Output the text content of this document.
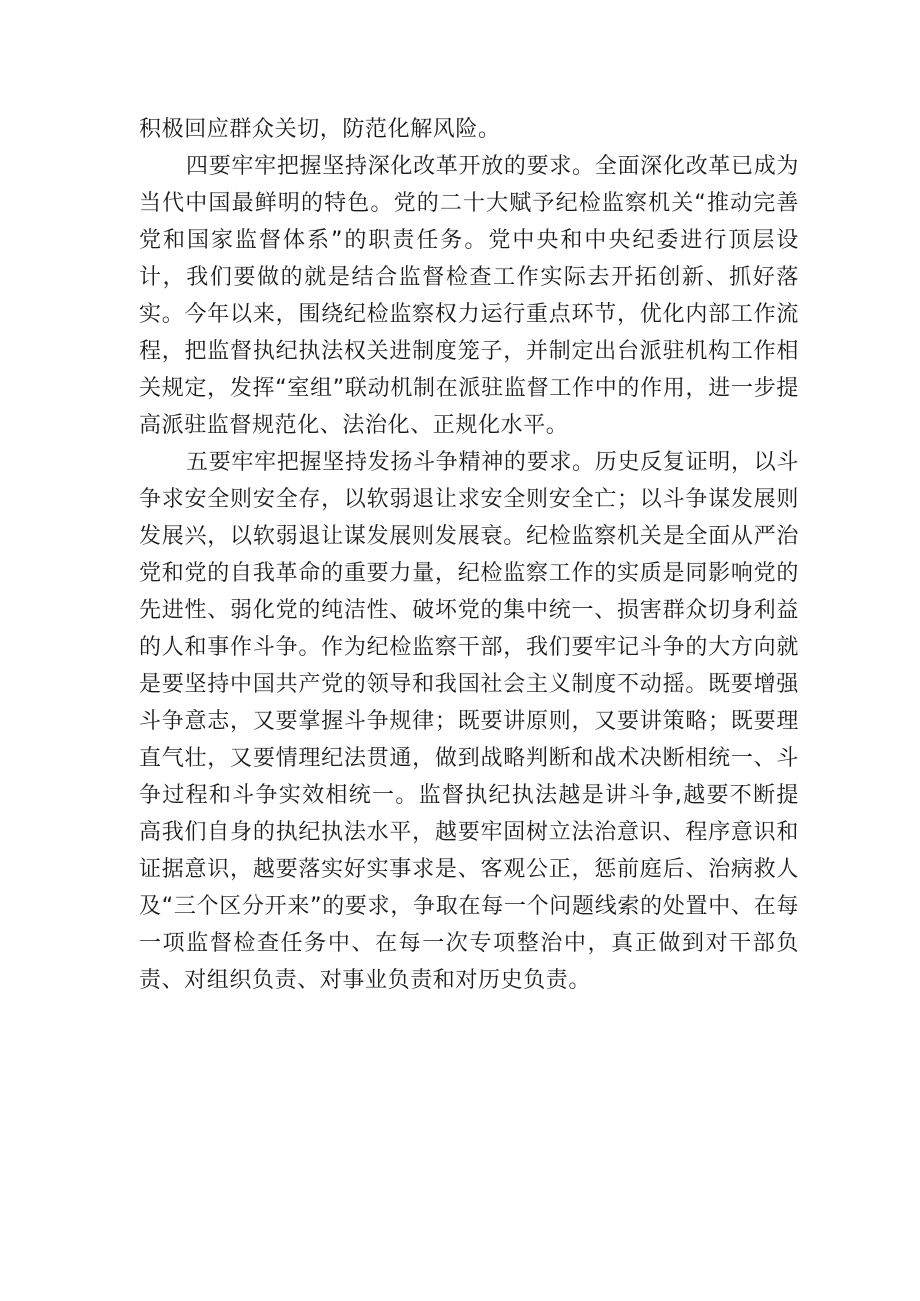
积极回应群众关切，防范化解风险。

四要牢牢把握坚持深化改革开放的要求。全面深化改革已成为当代中国最鲜明的特色。党的二十大赋予纪检监察机关“推动完善党和国家监督体系”的职责任务。党中央和中央纪委进行顶层设计，我们要做的就是结合监督检查工作实际去开拓创新、抓好落实。今年以来，围绕纪检监察权力运行重点环节，优化内部工作流程，把监督执纪执法权关进制度笼子，并制定出台派驻机构工作相关规定，发挥“室组”联动机制在派驻监督工作中的作用，进一步提高派驻监督规范化、法治化、正规化水平。

五要牢牢把握坚持发扬斗争精神的要求。历史反复证明，以斗争求安全则安全存，以软弱退让求安全则安全亡；以斗争谋发展则发展兴，以软弱退让谋发展则发展衰。纪检监察机关是全面从严治党和党的自我革命的重要力量，纪检监察工作的实质是同影响党的先进性、弱化党的纯洁性、破坏党的集中统一、损害群众切身利益的人和事作斗争。作为纪检监察干部，我们要牢记斗争的大方向就是要坚持中国共产党的领导和我国社会主义制度不动摇。既要增强斗争意志，又要掌握斗争规律；既要讲原则，又要讲策略；既要理直气壮，又要情理纪法贯通，做到战略判断和战术决断相统一、斗争过程和斗争实效相统一。监督执纪执法越是讲斗争,越要不断提高我们自身的执纪执法水平，越要牢固树立法治意识、程序意识和证据意识，越要落实好实事求是、客观公正，惩前庭后、治病救人及“三个区分开来”的要求，争取在每一个问题线索的处置中、在每一项监督检查任务中、在每一次专项整治中，真正做到对干部负责、对组织负责、对事业负责和对历史负责。
